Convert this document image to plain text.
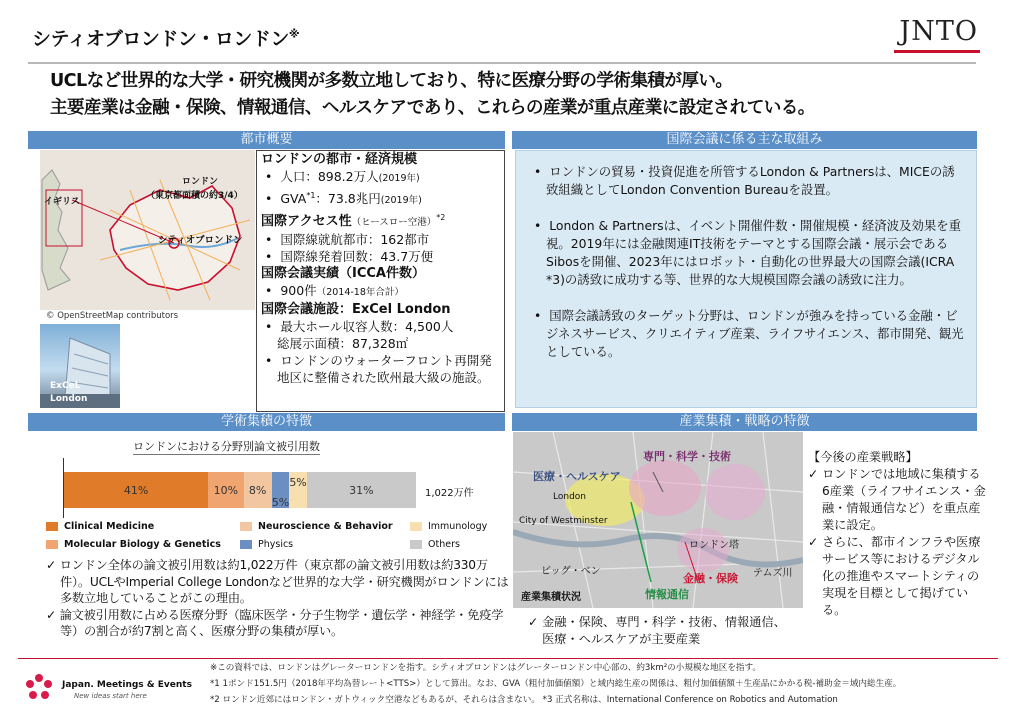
シティオブロンドン・ロンドン※	JNTO
UCLなど世界的な大学・研究機関が多数立地しており、特に医療分野の学術集積が厚い。
主要産業は金融・保険、情報通信、ヘルスケアであり、これらの産業が重点産業に設定されている。
都市概要	国際会議に係る主な取組み
学術集積の特徴	産業集積・戦略の特徴
ロンドン
（東京都面積の約3/4）
イギリス
シティオブロンドン
© OpenStreetMap contributors
ExCeL
London
ロンドンの都市・経済規模
•  人口：898.2万人(2019年)
•  GVA$^{*1}$：73.8兆円(2019年)
国際アクセス性（ヒースロー空港）$^{*2}$
•  国際線就航都市：162都市
•  国際線発着回数：43.7万便
国際会議実績（ICCA件数）
•  900件（2014-18年合計）
国際会議施設：ExCel London
•  最大ホール収容人数：4,500人
総展示面積：87,328㎡
•  ロンドンのウォーターフロント再開発地区に整備された欧州最大級の施設。
•  ロンドンの貿易・投資促進を所管するLondon & Partnersは、MICEの誘致組織としてLondon Convention Bureauを設置。
•  London & Partnersは、イベント開催件数・開催規模・経済波及効果を重視。2019年には金融関連IT技術をテーマとする国際会議・展示会であるSibosを開催、2023年にはロボット・自動化の世界最大の国際会議(ICRA *3)の誘致に成功する等、世界的な大規模国際会議の誘致に注力。
•  国際会議誘致のターゲット分野は、ロンドンが強みを持っている金融・ビジネスサービス、クリエイティブ産業、ライフサイエンス、都市開発、観光としている。
ロンドンにおける分野別論文被引用数
41%	10% 8%
5%
5%
31%	1,022万件
Clinical Medicine
Molecular Biology & Genetics
Neuroscience & Behavior
Physics
Immunology
Others
✓ ロンドン全体の論文被引用数は約1,022万件（東京都の論文被引用数は約330万件）。UCLやImperial College Londonなど世界的な大学・研究機関がロンドンには多数立地していることがこの理由。
✓ 論文被引用数に占める医療分野（臨床医学・分子生物学・遺伝学・神経学・免疫学等）の割合が約7割と高く、医療分野の集積が厚い。
専門・科学・技術
医療・ヘルスケア
London
City of Westminster
ロンドン塔
ビッグ・ベン
金融・保険
情報通信
テムズ川
産業集積状況
✓ 金融・保険、専門・科学・技術、情報通信、医療・ヘルスケアが主要産業
【今後の産業戦略】
✓ ロンドンでは地域に集積する6産業（ライフサイエンス・金融・情報通信など）を重点産業に設定。
✓ さらに、都市インフラや医療サービス等におけるデジタル化の推進やスマートシティの実現を目標として掲げている。
Japan. Meetings & Events
New ideas start here
※この資料では、ロンドンはグレーターロンドンを指す。シティオブロンドンはグレーターロンドン中心部の、約3km²の小規模な地区を指す。
*1 1ポンド151.5円（2018年平均為替レート<TTS>）として算出。なお、GVA（粗付加価値額）と域内総生産の関係は、粗付加価値額＋生産品にかかる税-補助金＝域内総生産。
*2 ロンドン近郊にはロンドン・ガトウィック空港などもあるが、それらは含まない。 *3 正式名称は、International Conference on Robotics and Automation
